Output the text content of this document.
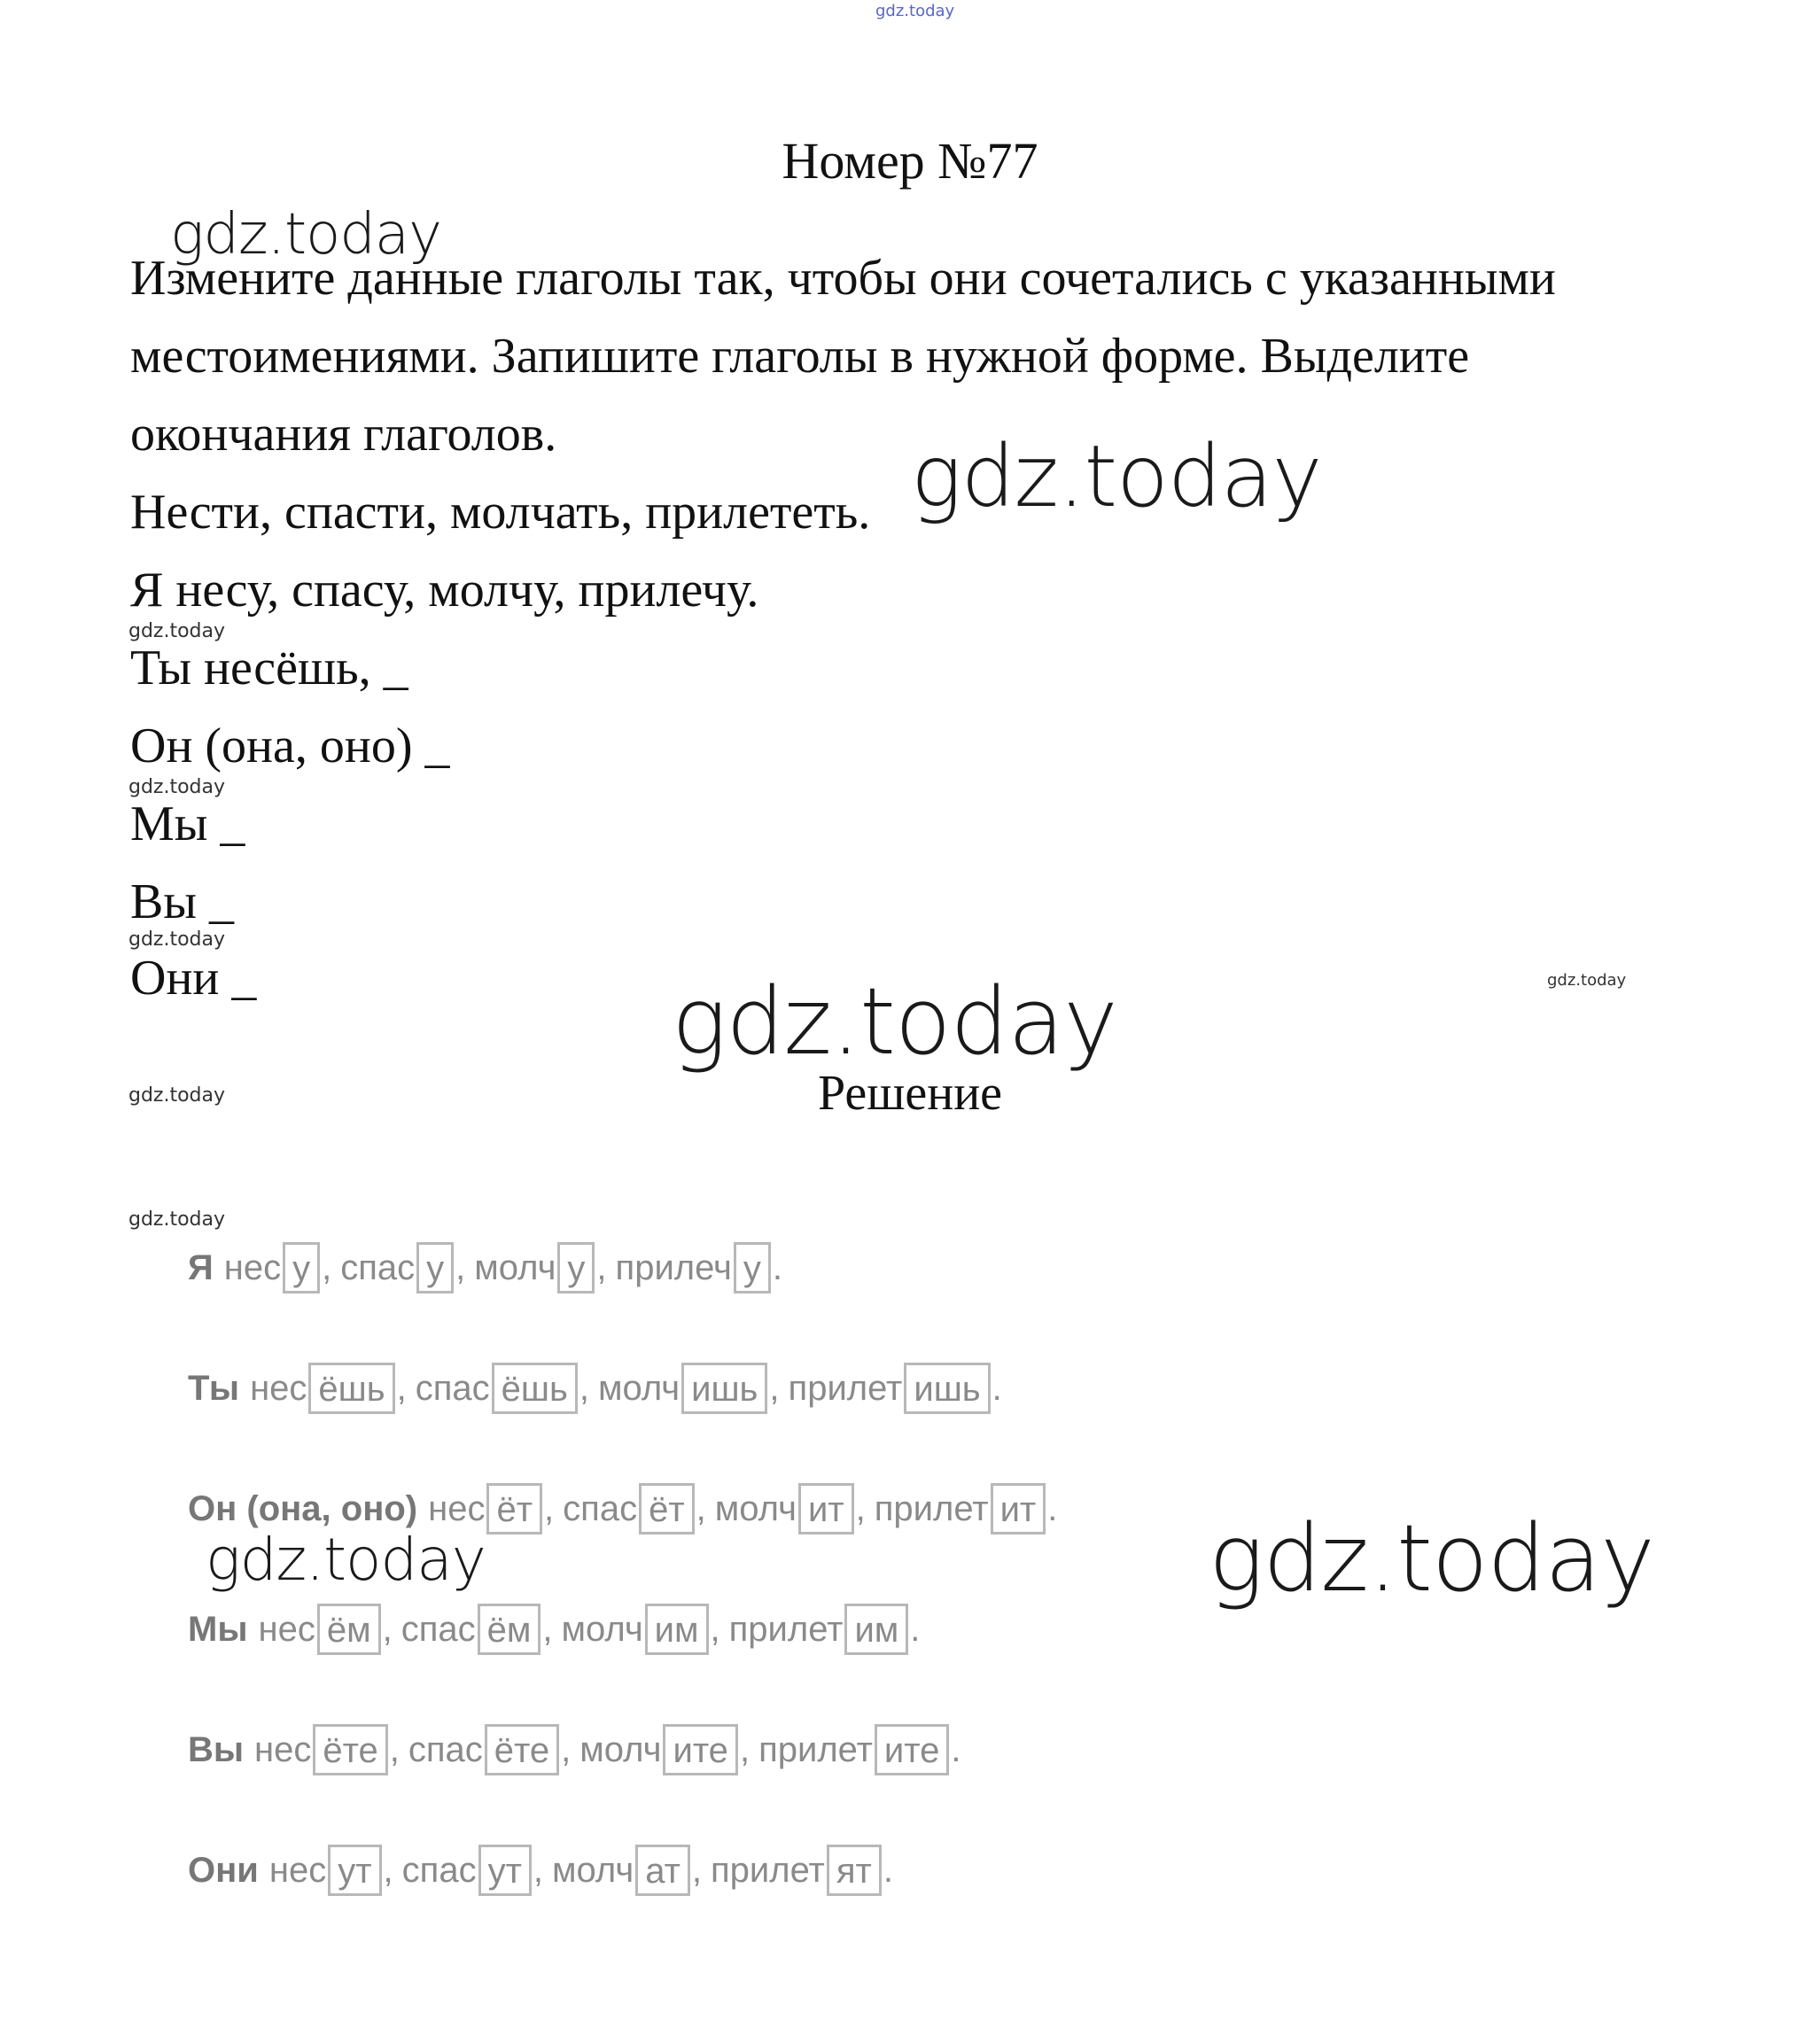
gdz.today
gdz.today
gdz.today
gdz.today
gdz.today
gdz.today
gdz.today
gdz.today
gdz.today
gdz.today
gdz.today	gdz.today
Номер №77
Измените данные глаголы так, чтобы они сочетались с указанными
местоимениями. Запишите глаголы в нужной форме. Выделите
окончания глаголов.
Нести, спасти, молчать, прилететь.
Я несу, спасу, молчу, прилечу.
Ты несёшь, _
Он (она, оно) _
Мы _
Вы _
Они _
Решение
Я нес у , спас у , молч у , прилеч у .
Ты нес ёшь , спас ёшь , молч ишь , прилет ишь .
Он (она, оно) нес ёт , спас ёт , молч ит , прилет ит .
Мы нес ём , спас ём , молч им , прилет им .
Вы нес ёте , спас ёте , молч ите , прилет ите .
Они нес ут , спас ут , молч ат , прилет ят .
